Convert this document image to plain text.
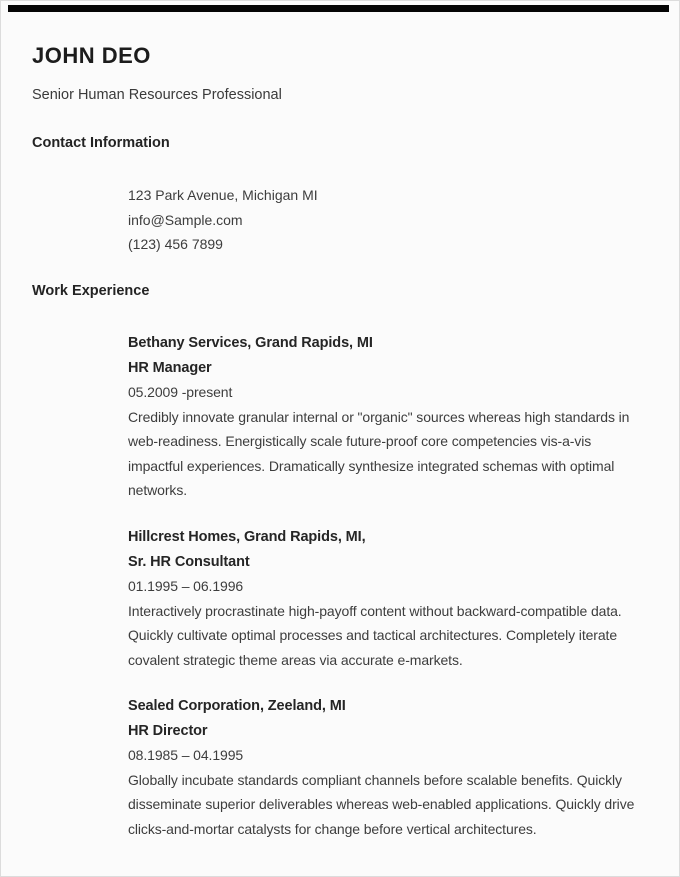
JOHN DEO
Senior Human Resources Professional
Contact Information
123 Park Avenue, Michigan MI
info@Sample.com
(123) 456 7899
Work Experience
Bethany Services, Grand Rapids, MI
HR Manager
05.2009 -present
Credibly innovate granular internal or "organic" sources whereas high standards in
web-readiness. Energistically scale future-proof core competencies vis-a-vis
impactful experiences. Dramatically synthesize integrated schemas with optimal
networks.
Hillcrest Homes, Grand Rapids, MI,
Sr. HR Consultant
01.1995 – 06.1996
Interactively procrastinate high-payoff content without backward-compatible data.
Quickly cultivate optimal processes and tactical architectures. Completely iterate
covalent strategic theme areas via accurate e-markets.
Sealed Corporation, Zeeland, MI
HR Director
08.1985 – 04.1995
Globally incubate standards compliant channels before scalable benefits. Quickly
disseminate superior deliverables whereas web-enabled applications. Quickly drive
clicks-and-mortar catalysts for change before vertical architectures.
